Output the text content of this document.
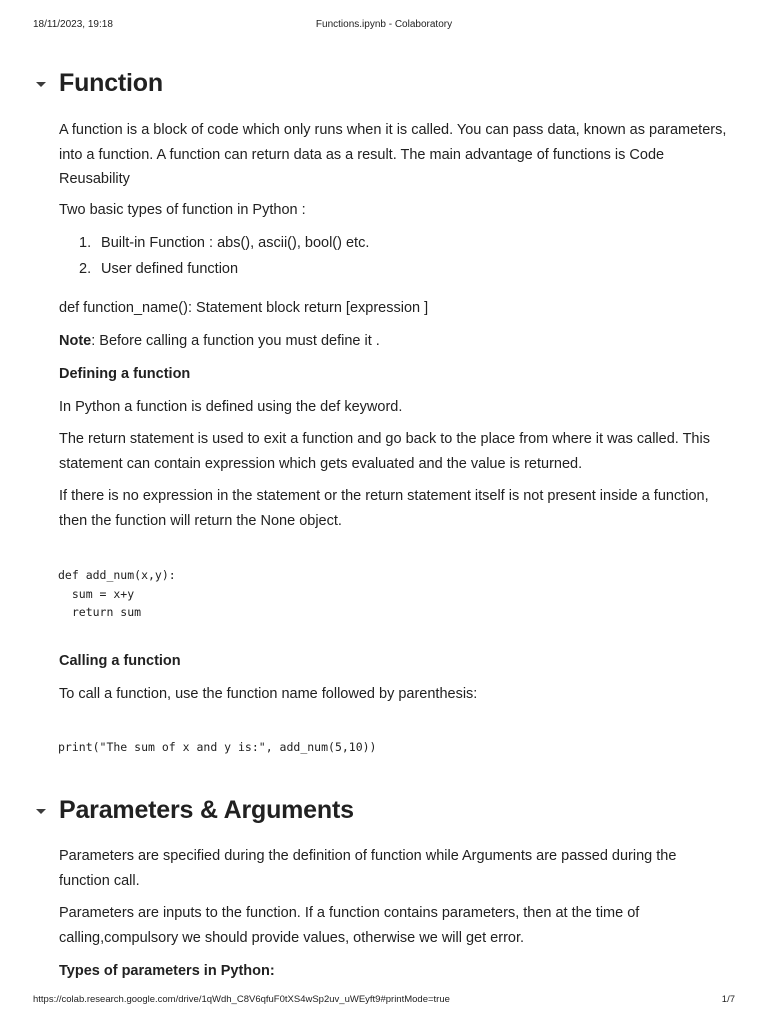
18/11/2023, 19:18	Functions.ipynb - Colaboratory
Function

A function is a block of code which only runs when it is called. You can pass data, known as parameters, into a function. A function can return data as a result. The main advantage of functions is Code Reusability

Two basic types of function in Python :

1. Built-in Function : abs(), ascii(), bool() etc.
2. User defined function

def function_name(): Statement block return [expression ]

Note: Before calling a function you must define it .

Defining a function

In Python a function is defined using the def keyword.

The return statement is used to exit a function and go back to the place from where it was called. This statement can contain expression which gets evaluated and the value is returned.

If there is no expression in the statement or the return statement itself is not present inside a function, then the function will return the None object.

def add_num(x,y):
sum = x+y
return sum

Calling a function

To call a function, use the function name followed by parenthesis:

print("The sum of x and y is:", add_num(5,10))
Parameters & Arguments

Parameters are specified during the definition of function while Arguments are passed during the function call.

Parameters are inputs to the function. If a function contains parameters, then at the time of calling,compulsory we should provide values, otherwise we will get error.

Types of parameters in Python:

https://colab.research.google.com/drive/1qWdh_C8V6qfuF0tXS4wSp2uv_uWEyft9#printMode=true	1/7
